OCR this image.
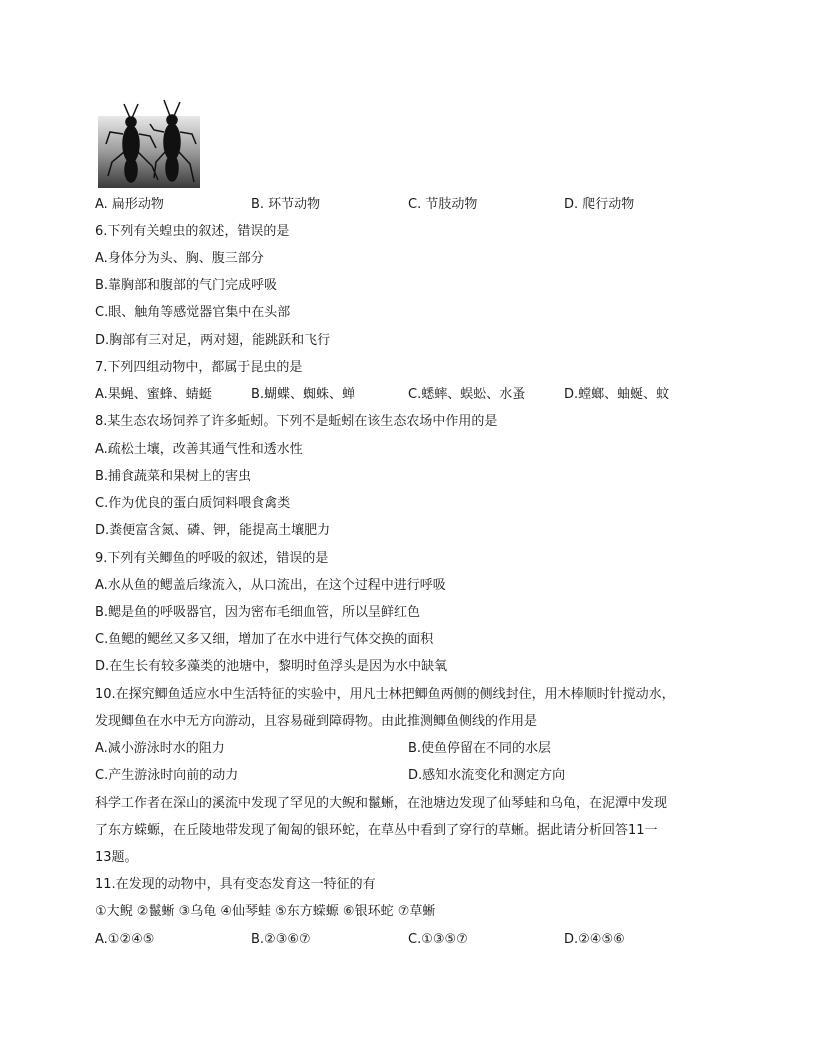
A. 扁形动物	B. 环节动物	C. 节肢动物	D. 爬行动物
6.下列有关蝗虫的叙述，错误的是
A.身体分为头、胸、腹三部分
B.靠胸部和腹部的气门完成呼吸
C.眼、触角等感觉器官集中在头部
D.胸部有三对足，两对翅，能跳跃和飞行
7.下列四组动物中，都属于昆虫的是
A.果蝇、蜜蜂、蜻蜓	B.蝴蝶、蜘蛛、蝉	C.蟋蟀、蜈蚣、水蚤	D.螳螂、蚰蜒、蚊
8.某生态农场饲养了许多蚯蚓。下列不是蚯蚓在该生态农场中作用的是
A.疏松土壤，改善其通气性和透水性
B.捕食蔬菜和果树上的害虫
C.作为优良的蛋白质饲料喂食禽类
D.粪便富含氮、磷、钾，能提高土壤肥力
9.下列有关鲫鱼的呼吸的叙述，错误的是
A.水从鱼的鳃盖后缘流入，从口流出，在这个过程中进行呼吸
B.鳃是鱼的呼吸器官，因为密布毛细血管，所以呈鲜红色
C.鱼鳃的鳃丝又多又细，增加了在水中进行气体交换的面积
D.在生长有较多藻类的池塘中，黎明时鱼浮头是因为水中缺氧
10.在探究鲫鱼适应水中生活特征的实验中，用凡士林把鲫鱼两侧的侧线封住，用木棒顺时针搅动水，
发现鲫鱼在水中无方向游动，且容易碰到障碍物。由此推测鲫鱼侧线的作用是
A.减小游泳时水的阻力	B.使鱼停留在不同的水层
C.产生游泳时向前的动力	D.感知水流变化和测定方向
科学工作者在深山的溪流中发现了罕见的大鲵和鬣蜥，在池塘边发现了仙琴蛙和乌龟，在泥潭中发现
了东方蝾螈，在丘陵地带发现了匍匐的银环蛇，在草丛中看到了穿行的草蜥。据此请分析回答11一
13题。
11.在发现的动物中，具有变态发育这一特征的有
①大鲵 ②鬣蜥 ③乌龟 ④仙琴蛙 ⑤东方蝾螈 ⑥银环蛇 ⑦草蜥
A.①②④⑤	B.②③⑥⑦	C.①③⑤⑦	D.②④⑤⑥
